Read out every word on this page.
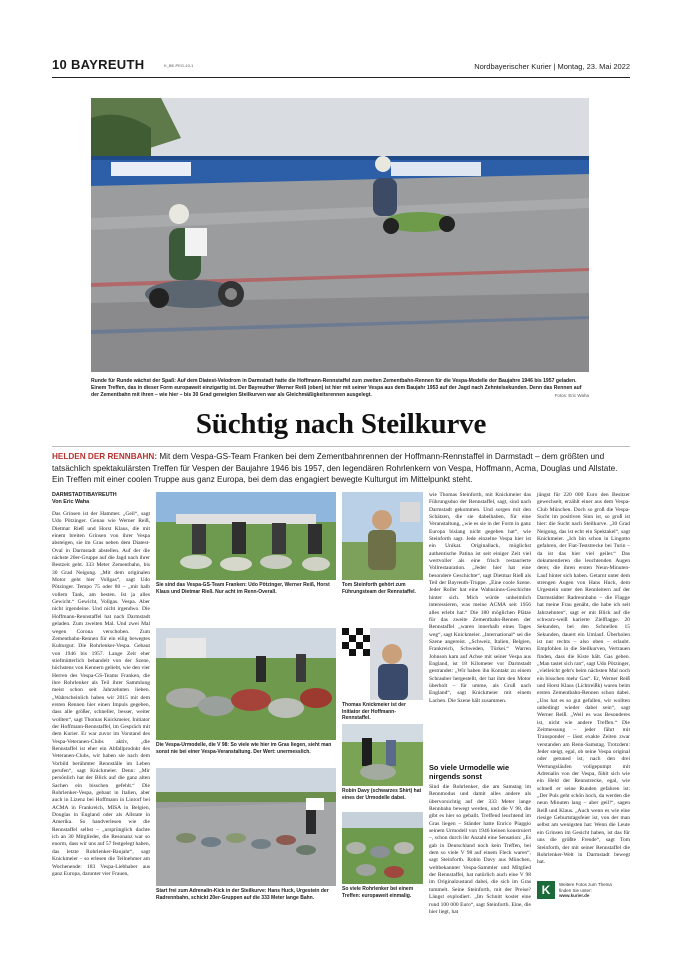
10 BAYREUTH	K_BE-PEG-10-1	Nordbayerischer Kurier | Montag, 23. Mai 2022
Runde für Runde wächst der Spaß: Auf dem Diatest-Velodrom in Darmstadt hatte die Hoffmann-Rennstaffel zum zweiten Zementbahn-Rennen für die Vespa-Modelle der Baujahre 1946 bis 1957 geladen. Einem Treffen, das in dieser Form europaweit einzigartig ist. Der Bayreuther Werner Reiß (oben) ist hier mit seiner Vespa aus dem Baujahr 1953 auf der Jagd nach Zehntelsekunden. Denn das Rennen auf der Zementbahn mit ihren – wie hier – bis 30 Grad geneigten Steilkurven war als Gleichmäßigkeitsrennen ausgelegt.	Fotos: Eric Waha
Süchtig nach Steilkurve

HELDEN DER RENNBAHN: Mit dem Vespa-GS-Team Franken bei dem Zementbahnrennen der Hoffmann-Rennstaffel in Darmstadt – dem größten und tatsächlich spektakulärsten Treffen für Vespen der Baujahre 1946 bis 1957, den legendären Rohrlenkern von Vespa, Hoffmann, Acma, Douglas und Allstate. Ein Treffen mit einer coolen Truppe aus ganz Europa, bei dem das engagiert bewegte Kulturgut im Mittelpunkt steht.

DARMSTADT/BAYREUTH
Von Eric Waha

Das Grinsen ist der Hammer. „Geil“, sagt Udo Pötzinger. Genau wie Werner Reiß, Dietmar Rieß und Horst Klaus, die mit einem breiten Grinsen von ihrer Vespa absteigen, sie im Gras neben dem Diatest-Oval in Darmstadt abstellen. Auf der die nächste 20er-Gruppe auf die Jagd nach ihrer Bestzeit geht. 333 Meter Zementbahn, bis 30 Grad Neigung. „Mit dem originalen Motor geht hier Vollgas“, sagt Udo Pötzinger. Tempo 75 oder 80 – „mit halb vollem Tank, am besten. Ist ja alles Gewicht.“ Gewicht, Vollgas. Vespa. Aber nicht irgendeine. Und nicht irgendwo. Die Hoffmann-Rennstaffel hat nach Darmstadt geladen. Zum zweiten Mal. Und zwei Mal wegen Corona verschoben. Zum Zementbahn-Rennen für ein eilig bewegtes Kulturgut: Die Rohrlenker-Vespa. Gebaut von 1946 bis 1957. Lange Zeit eher stiefmütterlich behandelt von der Szene, höchstens von Kennern geliebt, wie den vier Herren des Vespa-GS-Teams Franken, die ihre Rohrlenker als Teil ihrer Sammlung meist schon seit Jahrzehnten lieben. „Wahrscheinlich haben wir 2015 mit dem ersten Rennen hier einen Impuls gegeben, dass alle größer, schneller, besser, weiter wollten“, sagt Thomas Knickmeier, Initiator der Hoffmann-Rennstaffel, im Gespräch mit dem Kurier. Er war zuvor im Vorstand des Vespa-Veteranen-Clubs aktiv, „die Rennstaffel ist eher ein Abfallprodukt des Veteranen-Clubs, wir haben sie nach dem Vorbild berühmter Rennställe im Leben gerufen“, sagt Knickmeier. Denn: „Mir persönlich hat der Blick auf die ganz alten Sachen ein bisschen gefehlt.“ Die Rohrlenker-Vespa, gebaut in Italien, aber auch in Lizenz bei Hoffmann in Lintorf bei ACMA in Frankreich, MISA in Belgien, Douglas in England oder als Allstate in Amerika. So handverlesen wie die Rennstaffel selbst – „ursprünglich dachte ich an 30 Mitglieder, die Resonanz war so enorm, dass wir uns auf 57 festgelegt haben, das letzte Rohrlenker-Baujahr“, sagt Knickmeier – so erlesen die Teilnehmer am Wochenende: 183 Vespa-Liebhaber aus ganz Europa, darunter vier Frauen,

Sie sind das Vespa-GS-Team Franken: Udo Pötzinger, Werner Reiß, Horst Klaus und Dietmar Rieß. Nur acht im Renn-Overall.
Tom Steinforth gehört zum Führungsteam der Rennstaffel.
Die Vespa-Urmodelle, die V 98: So viele wie hier im Gras liegen, sieht man sonst nie bei einer Vespa-Veranstaltung. Der Wert: unermesslich.
Thomas Knickmeier ist der Initiator der Hoffmann-Rennstaffel.
Start frei zum Adrenalin-Kick in der Steilkurve: Hans Huck, Urgestein der Radrennbahn, schickt 20er-Gruppen auf die 333 Meter lange Bahn.
Robin Davy (schwarzes Shirt) hat eines der Urmodelle dabei.
So viele Rohrlenker bei einem Treffen: europaweit einmalig.

wie Thomas Steinforth, mit Knickmeier das Führungsduo der Rennstaffel, sagt, sind nach Darmstadt gekommen. Und sorgen mit den Schätzen, die sie dabeihaben, für eine Veranstaltung, „wie es sie in der Form in ganz Europa bislang nicht gegeben hat“, wie Steinforth sagt. Jede einzelne Vespa hier ist ein Unikat. Originallack, möglichst authentische Patina ist seit einiger Zeit viel wertvoller als eine frisch restaurierte Vollrestauration. „Jeder hier hat eine besondere Geschichte“, sagt Dietmar Rieß als Teil der Bayreuth-Truppe. „Eine coole Szene. Jeder Roller hat eine Wahnsinns-Geschichte hinter sich. Mich würde unheimlich interessieren, was meine ACMA seit 1956 alles erlebt hat.“ Die 180 möglichen Plätze für das zweite Zementbahn-Rennen der Rennstaffel „waren innerhalb eines Tages weg“, sagt Knickmeier. „International“ sei die Szene angereist. „Schweiz, Italien, Belgien, Frankreich, Schweden, Türkei.“ Warren Johnson kam auf Achse mit seiner Vespa aus England, ist 18 Kilometer vor Darmstadt gestrandet: „Wir haben ihn Kontakt zu einem Schrauber hergestellt, der hat ihm den Motor überholt – für umme, als Gruß nach England“, sagt Knickmeier mit einem Lachen. Die Szene hält zusammen.

So viele Urmodelle wie nirgends sonst

Sind die Rohrlenker, die am Samstag im Rennmodus und damit alles andere als übervorsichtig auf der 333 Meter lange Rennbahn bewegt werden, und die V 98, die gibt es hier so geballt. Treffend leuchtend im Gras liegen – Ständer hatte Enrico Piaggio seinem Urmodell von 1946 keinen konstruiert –, schon durch ihr Anzahl eine Sensation: „Es gab in Deutschland noch kein Treffen, bei dem so viele V 98 auf einem Fleck waren“, sagt Steinforth. Robin Davy aus München, weltbekannter Vespa-Sammler und Mitglied der Rennstaffel, hat natürlich auch eine V 98 im Originalzustand dabei, die sich im Gras tummelt. Seine Steinforth, mit der Preise? Längst explodiert. „Im Schnitt kostet eine rund 100 000 Euro“, sagt Steinforth. Eine, die hier liegt, hat

jüngst für 220 000 Euro den Besitzer gewechselt, erzählt einer aus dem Vespa-Club München. Doch so groß die Vespa-Sucht im positiven Sinn ist, so groß ist hier: die Sucht nach Steilkurve. „30 Grad Neigung, das ist echt ein Spektakel“, sagt Knickmeier. „Ich bin schon in Lingotto gefahren, der Fiat-Teststrecke bei Turin – da ist das hier viel geiler.“ Das dokumentieren die leuchtenden Augen derer, die ihren ersten Neun-Minuten-Lauf hinter sich haben. Getarnt unter dem strengen Augen von Hans Huck, dem Urgestein unter den Rennleitern auf der Darmstädter Radrennbahn – die Flagge hat meine Frau genäht, die habe ich seit Jahrzehnten“, sagt er mit Blick auf die schwarz-weiß karierte Zielflagge. 20 Sekunden, bei den Schnellen 15 Sekunden, dauert ein Umlauf. Überholen ist nur rechts – also oben – erlaubt. Empfohlen in die Steilkurven, Vertrauen finden, dass die Kiste hält. Gas geben. „Man tastet sich ran“, sagt Udo Pötzinger, „vielleicht geht's beim nächsten Mal noch ein bisschen mehr Gas“. Er, Werner Reiß und Horst Klaus (Lichtreißk) waren beim ersten Zementbahn-Rennen schon dabei. „Uns hat es so gut gefallen, wir wollten unbedingt wieder dabei sein“, sagt Werner Reiß. „Weil es was Besonderes ist, nicht wie andere Treffen.“ Die Zeitmessung – jeder fährt mit Transponder – lässt exakte Zeiten zwar verstanden am Renn-Samstag. Trotzdem: Jeder steigt, egal, ob seine Vespa original oder getuned ist, nach den drei Wertungsläufen vollgepumpt mit Adrenalin von der Vespa, fühlt sich wie ein Held der Rennstrecke, egal, wie schnell er seine Runden gefahren ist: „Der Puls geht schön hoch, da werden die neun Minuten lang – aber geil!“, sagen Reiß und Klaus. „Auch wenn es wie eine riesige Geburtstagsfeier ist, von der man selbst am wenigsten hat: Wenn die Leute ein Grinsen im Gesicht haben, ist das für uns die größte Freude“, sagt Tom Steinforth, der mit seiner Rennstaffel die Rohrlenker-Welt in Darmstadt bewegt hat.

K	Weitere Fotos zum Thema
finden Sie unter:
www.kurier.de
